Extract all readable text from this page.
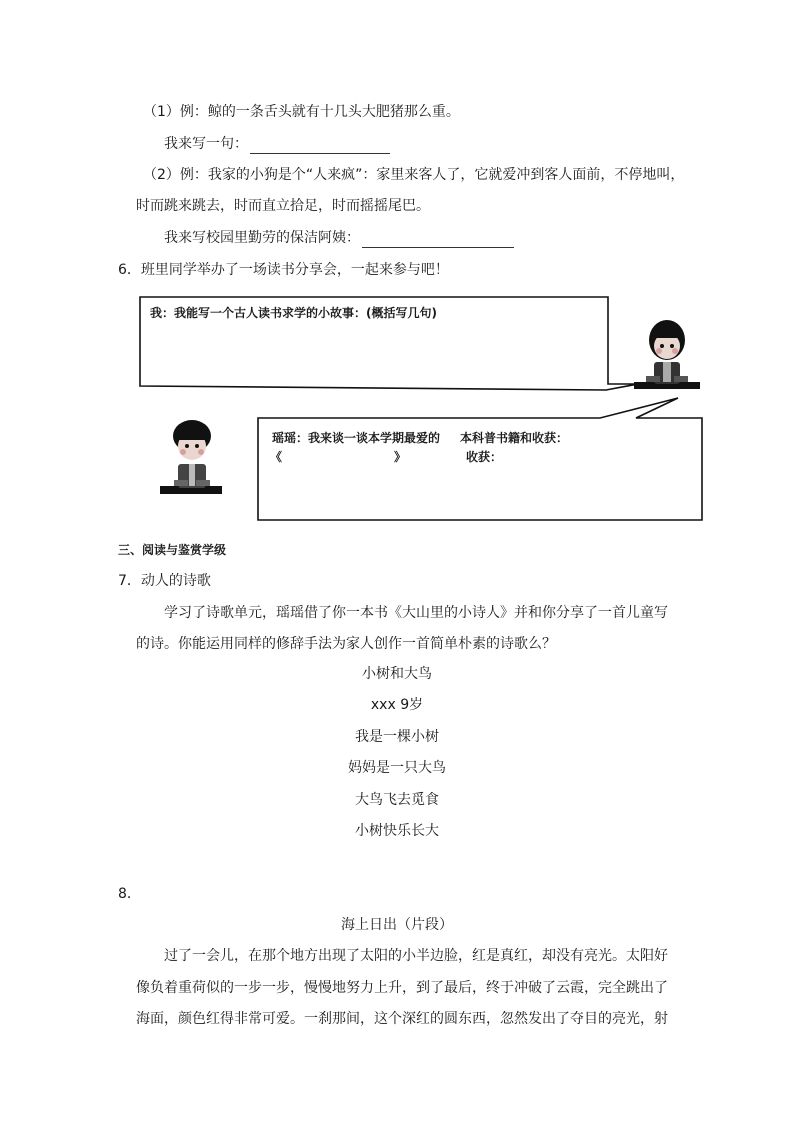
（1）例：鲸的一条舌头就有十几头大肥猪那么重。
我来写一句：
（2）例：我家的小狗是个“人来疯”：家里来客人了，它就爱冲到客人面前，不停地叫，
时而跳来跳去，时而直立拾足，时而摇摇尾巴。
我来写校园里勤劳的保洁阿姨：
6．班里同学举办了一场读书分享会，一起来参与吧！
我：我能写一个古人读书求学的小故事：(概括写几句)
瑶瑶：我来谈一谈本学期最爱的 本科普书籍和收获：
《	》	收获：
三、阅读与鉴赏学级
7．动人的诗歌
学习了诗歌单元，瑶瑶借了你一本书《大山里的小诗人》并和你分享了一首儿童写
的诗。你能运用同样的修辞手法为家人创作一首简单朴素的诗歌么？
小树和大鸟
xxx 9岁
我是一棵小树
妈妈是一只大鸟
大鸟飞去觅食
小树快乐长大
8．
海上日出（片段）
过了一会儿，在那个地方出现了太阳的小半边脸，红是真红，却没有亮光。太阳好
像负着重荷似的一步一步，慢慢地努力上升，到了最后，终于冲破了云霞，完全跳出了
海面，颜色红得非常可爱。一刹那间，这个深红的圆东西，忽然发出了夺目的亮光，射
